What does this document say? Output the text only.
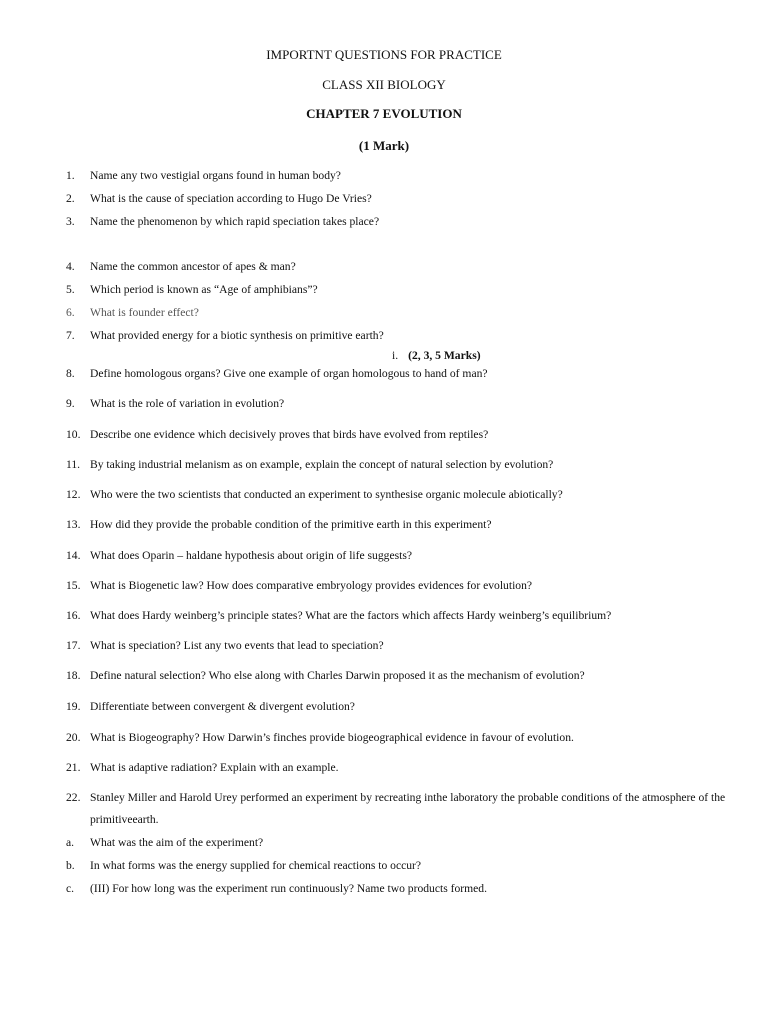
IMPORTNT QUESTIONS FOR PRACTICE
CLASS XII BIOLOGY
CHAPTER 7 EVOLUTION
(1 Mark)
1. Name any two vestigial organs found in human body?
2. What is the cause of speciation according to Hugo De Vries?
3. Name the phenomenon by which rapid speciation takes place?
4. Name the common ancestor of apes & man?
5. Which period is known as “Age of amphibians”?
6. What is founder effect?
7. What provided energy for a biotic synthesis on primitive earth?
i. (2, 3, 5 Marks)
8. Define homologous organs? Give one example of organ homologous to hand of man?
9. What is the role of variation in evolution?
10. Describe one evidence which decisively proves that birds have evolved from reptiles?
11. By taking industrial melanism as on example, explain the concept of natural selection by evolution?
12. Who were the two scientists that conducted an experiment to synthesise organic molecule abiotically?
13. How did they provide the probable condition of the primitive earth in this experiment?
14. What does Oparin – haldane hypothesis about origin of life suggests?
15. What is Biogenetic law? How does comparative embryology provides evidences for evolution?
16. What does Hardy weinberg’s principle states? What are the factors which affects Hardy weinberg’s equilibrium?
17. What is speciation? List any two events that lead to speciation?
18. Define natural selection? Who else along with Charles Darwin proposed it as the mechanism of evolution?
19. Differentiate between convergent & divergent evolution?
20. What is Biogeography? How Darwin’s finches provide biogeographical evidence in favour of evolution.
21. What is adaptive radiation? Explain with an example.
22. Stanley Miller and Harold Urey performed an experiment by recreating inthe laboratory the probable conditions of the atmosphere of the primitiveearth.
a. What was the aim of the experiment?
b. In what forms was the energy supplied for chemical reactions to occur?
c. (III) For how long was the experiment run continuously? Name two products formed.
